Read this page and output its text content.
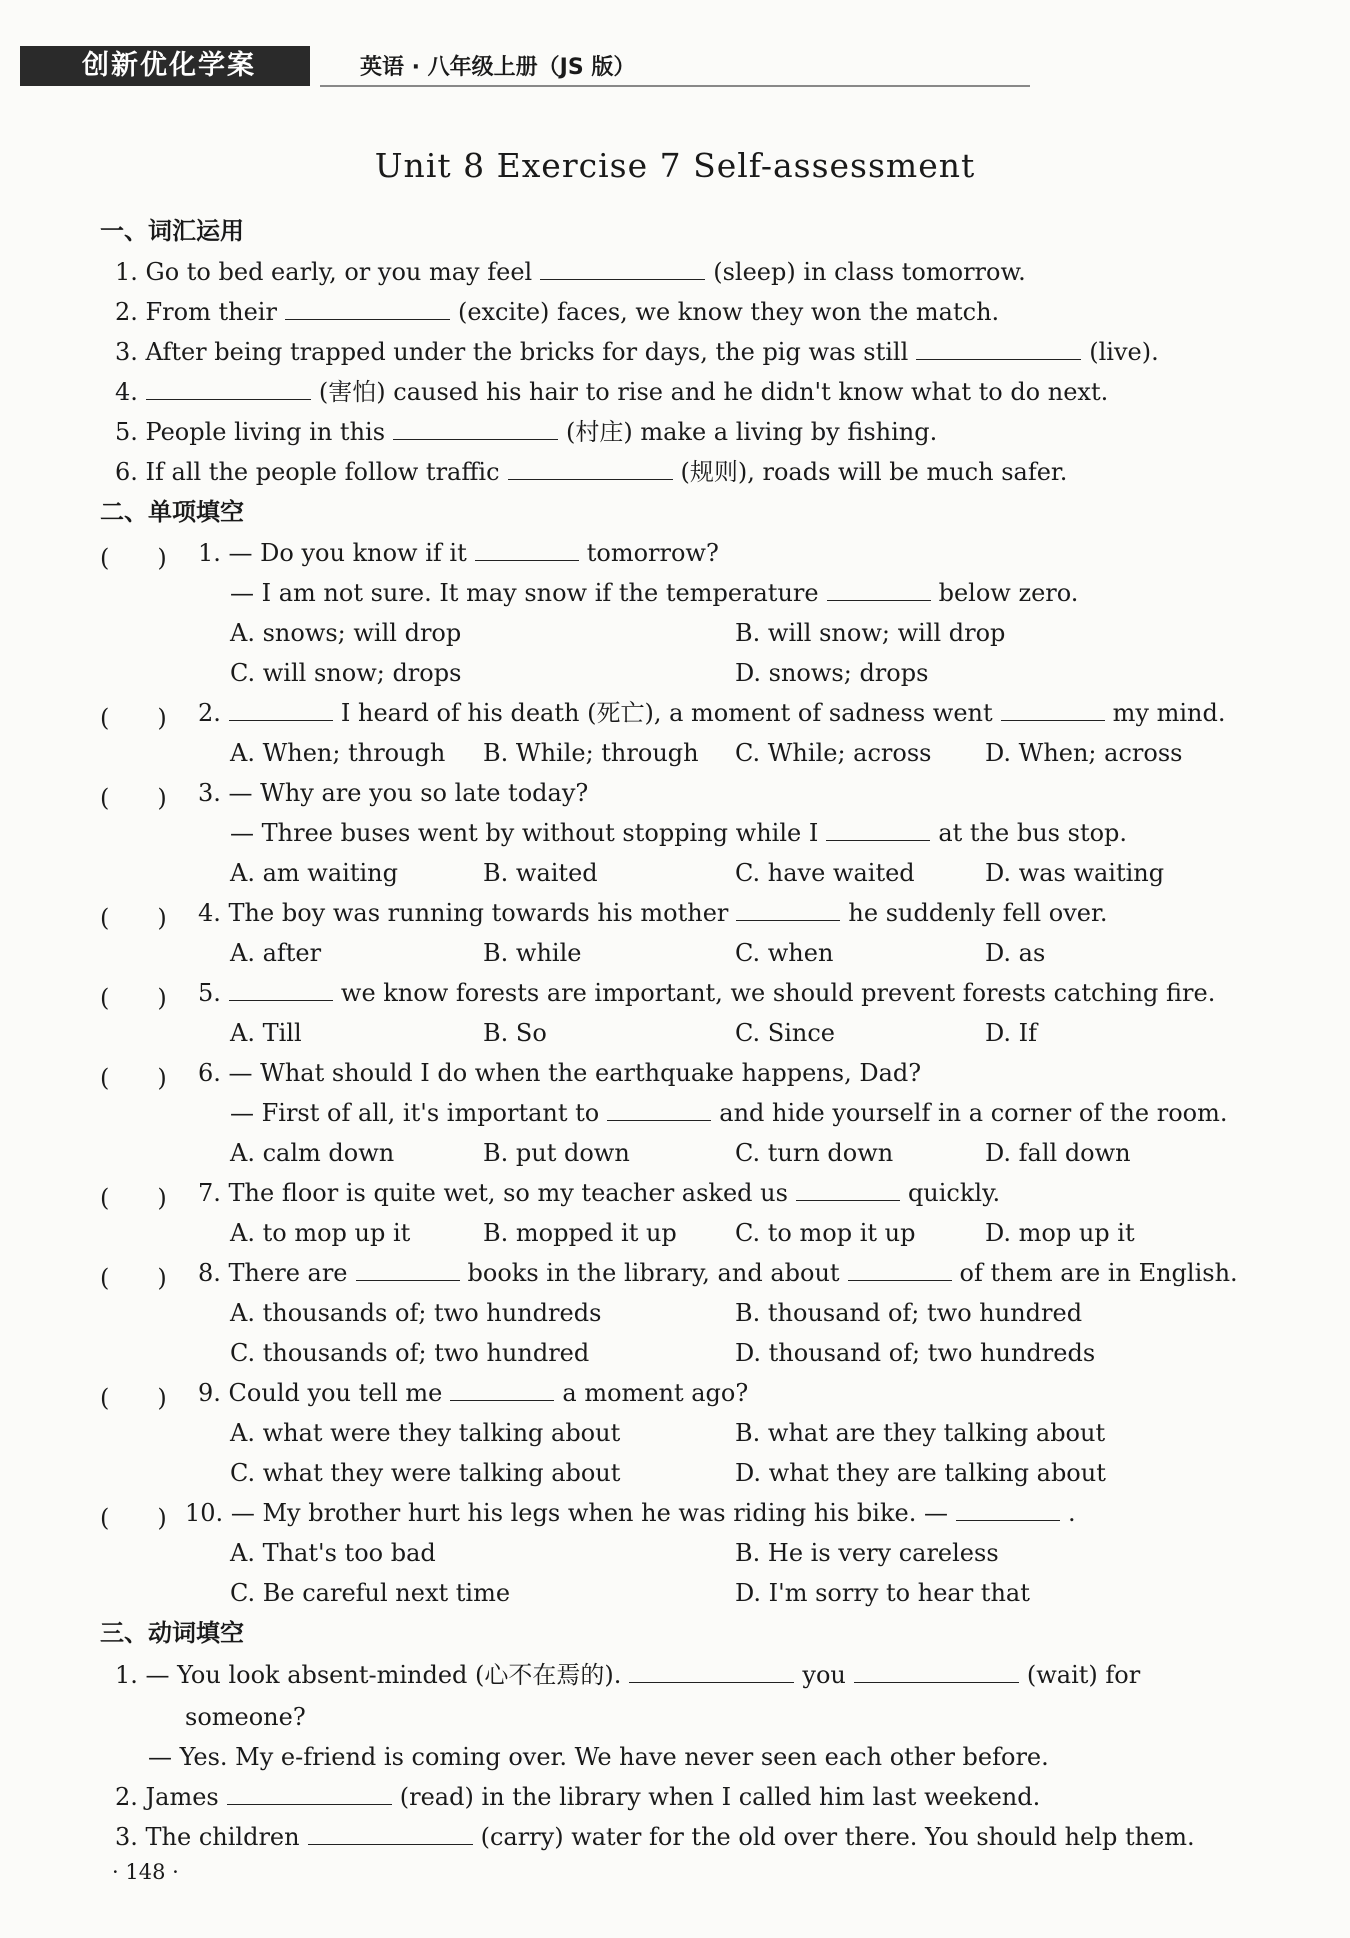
创新优化学案	英语 · 八年级上册（JS 版）
Unit 8 Exercise 7 Self-assessment
一、词汇运用
1. Go to bed early, or you may feel	(sleep) in class tomorrow.
2. From their	(excite) faces, we know they won the match.
3. After being trapped under the bricks for days, the pig was still	(live).
4.	(害怕) caused his hair to rise and he didn't know what to do next.
5. People living in this	(村庄) make a living by fishing.
6. If all the people follow traffic	(规则), roads will be much safer.
二、单项填空
(　　) 1. — Do you know if it	tomorrow?
— I am not sure. It may snow if the temperature	below zero.
A. snows; will drop	B. will snow; will drop
C. will snow; drops	D. snows; drops
(　　) 2.	I heard of his death (死亡), a moment of sadness went	my mind.
A. When; through B. While; through C. While; across D. When; across
(　　) 3. — Why are you so late today?
— Three buses went by without stopping while I	at the bus stop.
A. am waiting	B. waited	C. have waited	D. was waiting
(　　) 4. The boy was running towards his mother	he suddenly fell over.
A. after	B. while	C. when	D. as
(　　) 5.	we know forests are important, we should prevent forests catching fire.
A. Till	B. So	C. Since	D. If
(　　) 6. — What should I do when the earthquake happens, Dad?
— First of all, it's important to	and hide yourself in a corner of the room.
A. calm down	B. put down	C. turn down	D. fall down
(　　) 7. The floor is quite wet, so my teacher asked us	quickly.
A. to mop up it	B. mopped it up C. to mop it up	D. mop up it
(　　) 8. There are	books in the library, and about	of them are in English.
A. thousands of; two hundreds	B. thousand of; two hundred
C. thousands of; two hundred	D. thousand of; two hundreds
(　　) 9. Could you tell me	a moment ago?
A. what were they talking about	B. what are they talking about
C. what they were talking about	D. what they are talking about
(　　) 10. — My brother hurt his legs when he was riding his bike. —	.
A. That's too bad	B. He is very careless
C. Be careful next time	D. I'm sorry to hear that
三、动词填空
1. — You look absent-minded (心不在焉的).	you	(wait) for
someone?
— Yes. My e-friend is coming over. We have never seen each other before.
2. James	(read) in the library when I called him last weekend.
3. The children	(carry) water for the old over there. You should help them.
· 148 ·
